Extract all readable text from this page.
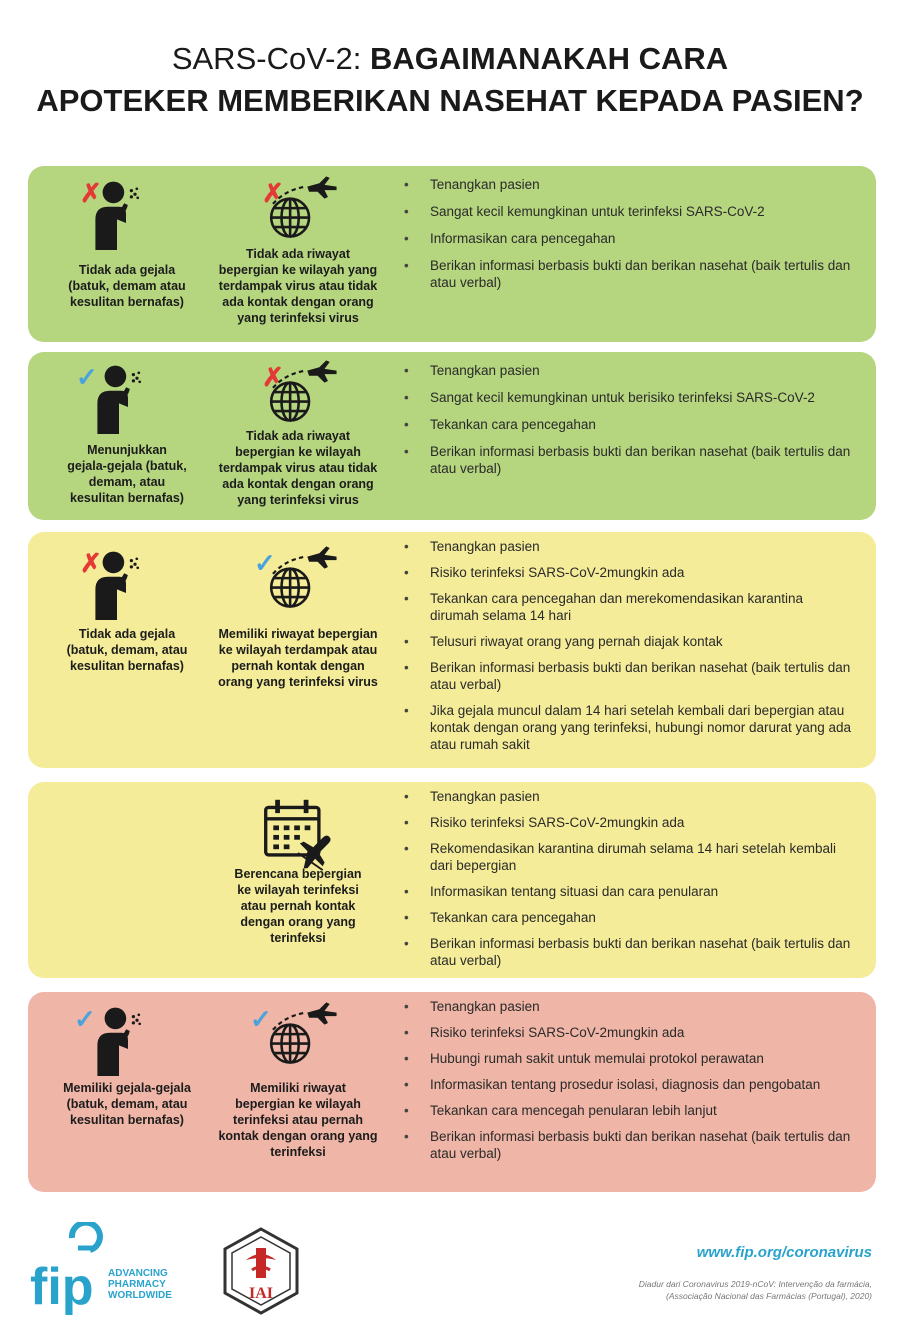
SARS-CoV-2: BAGAIMANAKAH CARA
APOTEKER MEMBERIKAN NASEHAT KEPADA PASIEN?
✗	✗
Tidak ada gejala
(batuk, demam atau
kesulitan bernafas)
Tidak ada riwayat
bepergian ke wilayah yang
terdampak virus atau tidak
ada kontak dengan orang
yang terinfeksi virus
• Tenangkan pasien
• Sangat kecil kemungkinan untuk terinfeksi SARS-CoV-2
• Informasikan cara pencegahan
• Berikan informasi berbasis bukti dan berikan nasehat (baik tertulis dan atau verbal)
✓	✗
Menunjukkan
gejala-gejala (batuk,
demam, atau
kesulitan bernafas)
Tidak ada riwayat
bepergian ke wilayah
terdampak virus atau tidak
ada kontak dengan orang
yang terinfeksi virus
• Tenangkan pasien
• Sangat kecil kemungkinan untuk berisiko terinfeksi SARS-CoV-2
• Tekankan cara pencegahan
• Berikan informasi berbasis bukti dan berikan nasehat (baik tertulis dan atau verbal)
✗	✓
Tidak ada gejala
(batuk, demam, atau
kesulitan bernafas)
Memiliki riwayat bepergian
ke wilayah terdampak atau
pernah kontak dengan
orang yang terinfeksi virus
• Tenangkan pasien
• Risiko terinfeksi SARS-CoV-2mungkin ada
• Tekankan cara pencegahan dan merekomendasikan karantina dirumah selama 14 hari
• Telusuri riwayat orang yang pernah diajak kontak
• Berikan informasi berbasis bukti dan berikan nasehat (baik tertulis dan atau verbal)
• Jika gejala muncul dalam 14 hari setelah kembali dari bepergian atau kontak dengan orang yang terinfeksi, hubungi nomor darurat yang ada atau rumah sakit
Berencana bepergian
ke wilayah terinfeksi
atau pernah kontak
dengan orang yang
terinfeksi
• Tenangkan pasien
• Risiko terinfeksi SARS-CoV-2mungkin ada
• Rekomendasikan karantina dirumah selama 14 hari setelah kembali dari bepergian
• Informasikan tentang situasi dan cara penularan
• Tekankan cara pencegahan
• Berikan informasi berbasis bukti dan berikan nasehat (baik tertulis dan atau verbal)
✓	✓
Memiliki gejala-gejala
(batuk, demam, atau
kesulitan bernafas)
Memiliki riwayat
bepergian ke wilayah
terinfeksi atau pernah
kontak dengan orang yang
terinfeksi
• Tenangkan pasien
• Risiko terinfeksi SARS-CoV-2mungkin ada
• Hubungi rumah sakit untuk memulai protokol perawatan
• Informasikan tentang prosedur isolasi, diagnosis dan pengobatan
• Tekankan cara mencegah penularan lebih lanjut
• Berikan informasi berbasis bukti dan berikan nasehat (baik tertulis dan atau verbal)
fip ADVANCING
PHARMACY
WORLDWIDE	IAI
www.fip.org/coronavirus
Diadur dari Coronavirus 2019-nCoV: Intervenção da farmácia,
(Associação Nacional das Farmácias (Portugal), 2020)
